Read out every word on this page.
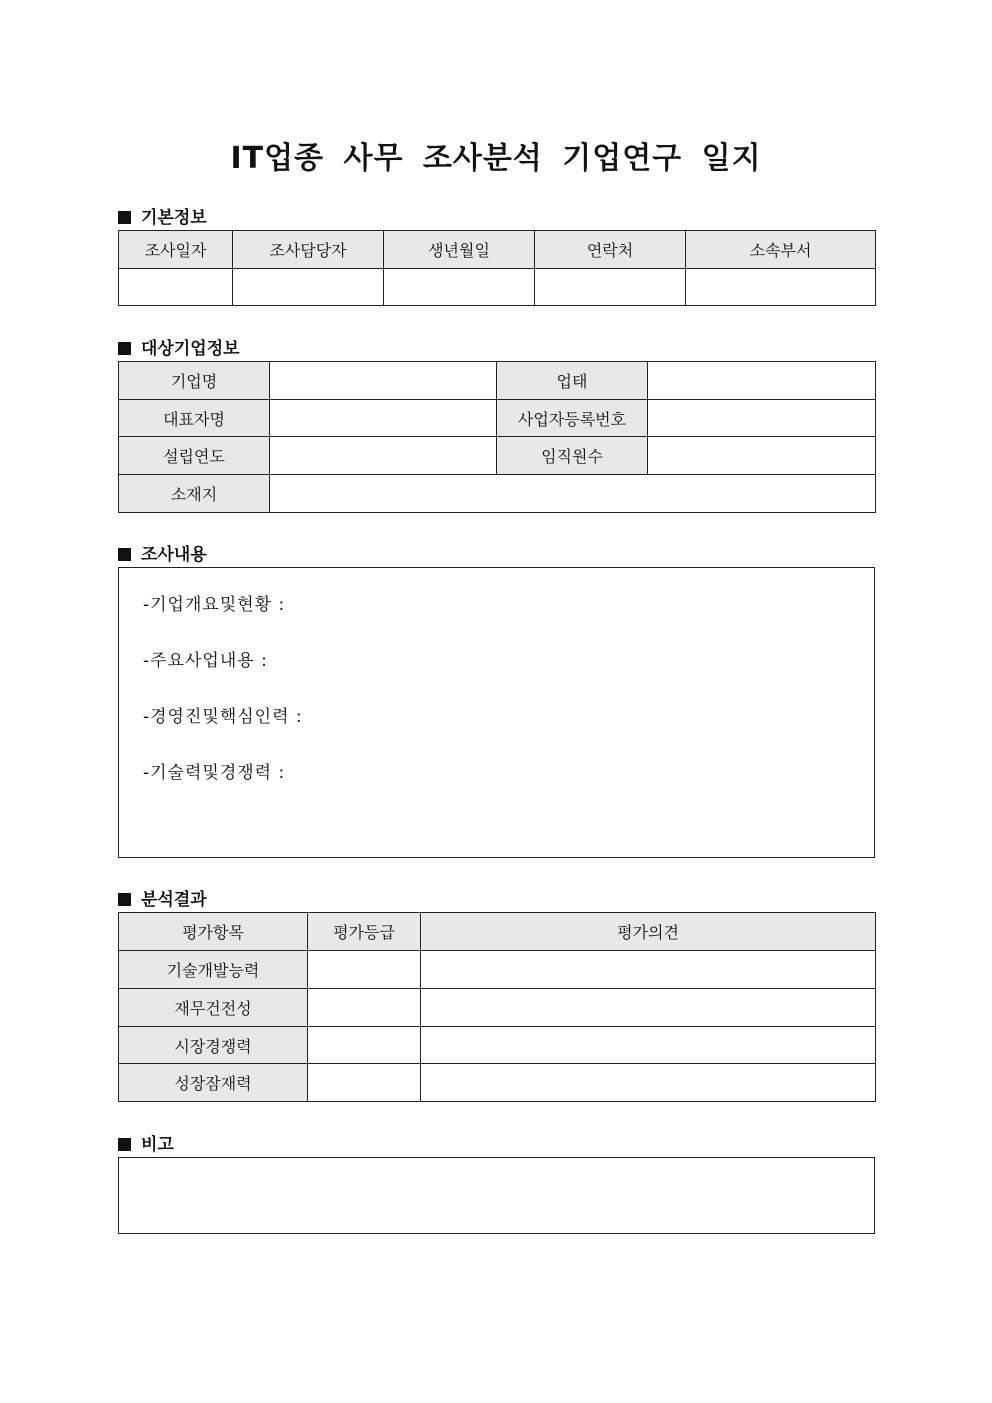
IT업종 사무 조사분석 기업연구 일지
기본정보
조사일자	조사담당자	생년월일	연락처	소속부서

대상기업정보
기업명		업태	
대표자명		사업자등록번호	
설립연도		임직원수	
소재지			
조사내용
-기업개요및현황 :
-주요사업내용 :
-경영진및핵심인력 :
-기술력및경쟁력 :
분석결과
평가항목	평가등급	평가의견
기술개발능력		
재무건전성		
시장경쟁력		
성장잠재력		
비고
